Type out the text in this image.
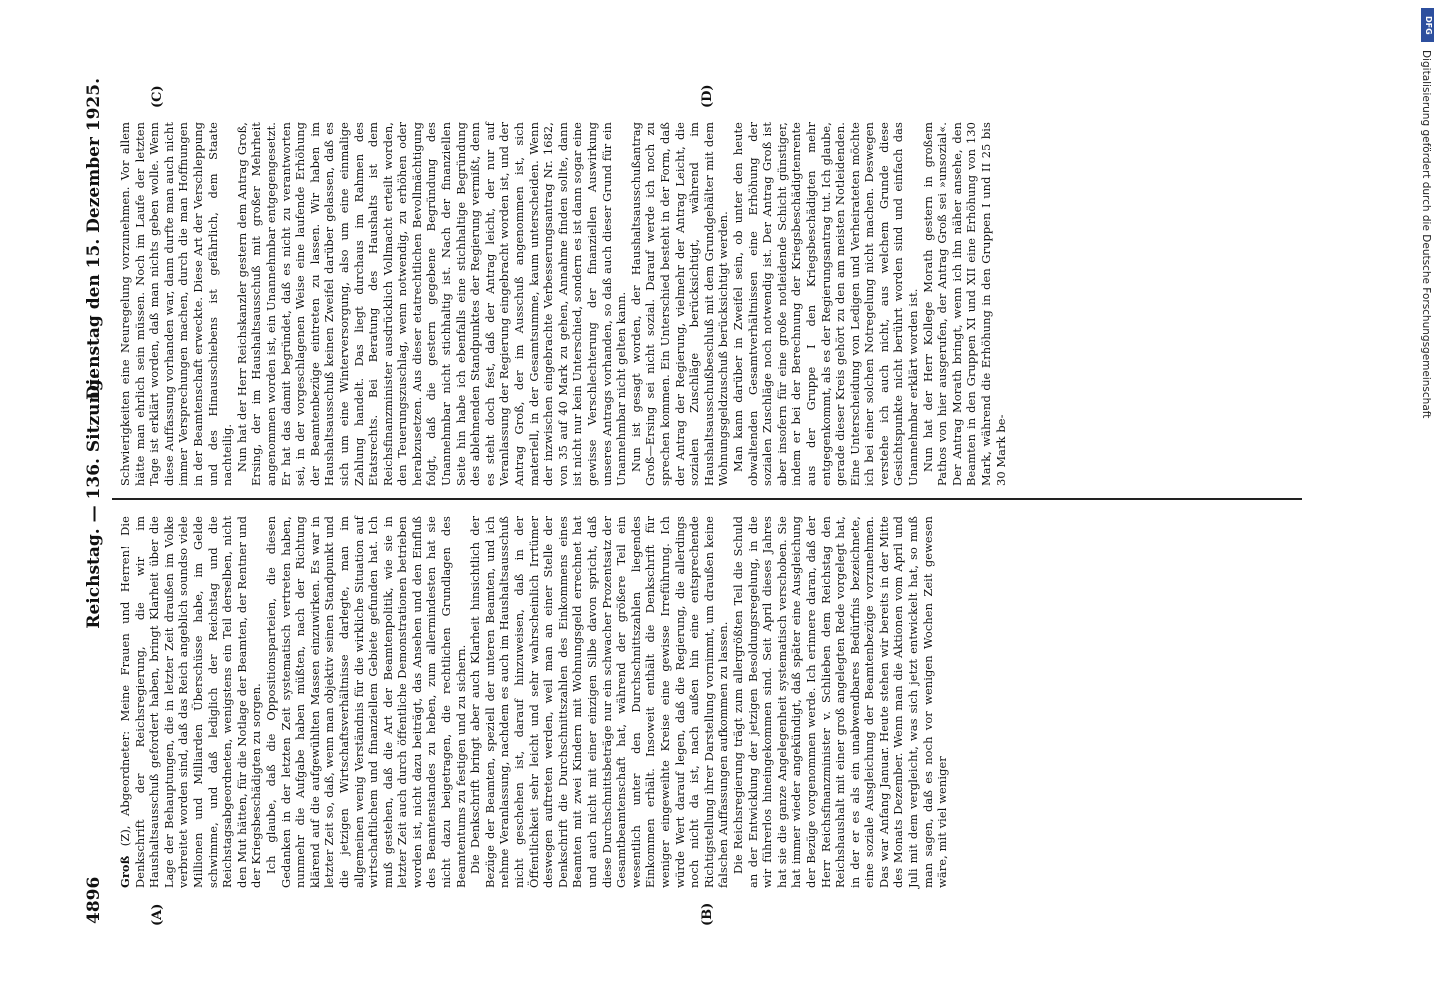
4896
Reichstag. — 136. Sitzung.
Dienstag den 15. Dezember 1925.
(A)	(B)
(C)	(D)

Groß (Z), Abgeordneter: Meine Frauen und Herren! Die Denkschrift der Reichsregierung, die wir im Haushaltsausschuß gefordert haben, bringt Klarheit über die Lage der Behauptungen, die in letzter Zeit draußen im Volke verbreitet worden sind, daß das Reich angeblich soundso viele Millionen und Milliarden Überschüsse habe, im Gelde schwimme, und daß lediglich der Reichstag und die Reichstagsabgeordneten, wenigstens ein Teil derselben, nicht den Mut hätten, für die Notlage der Beamten, der Rentner und der Kriegsbeschädigten zu sorgen. Ich glaube, daß die Oppositionsparteien, die diesen Gedanken in der letzten Zeit systematisch vertreten haben, nunmehr die Aufgabe haben müßten, nach der Richtung klärend auf die aufgewühlten Massen einzuwirken. Es war in letzter Zeit so, daß, wenn man objektiv seinen Standpunkt und die jetzigen Wirtschaftsverhältnisse darlegte, man im allgemeinen wenig Verständnis für die wirkliche Situation auf wirtschaftlichem und finanziellem Gebiete gefunden hat. Ich muß gestehen, daß die Art der Beamtenpolitik, wie sie in letzter Zeit auch durch öffentliche Demonstrationen betrieben worden ist, nicht dazu beiträgt, das Ansehen und den Einfluß des Beamtenstandes zu heben, zum allermindesten hat sie nicht dazu beigetragen, die rechtlichen Grundlagen des Beamtentums zu festigen und zu sichern. Die Denkschrift bringt aber auch Klarheit hinsichtlich der Bezüge der Beamten, speziell der unteren Beamten, und ich nehme Veranlassung, nachdem es auch im Haushaltsausschuß nicht geschehen ist, darauf hinzuweisen, daß in der Öffentlichkeit sehr leicht und sehr wahrscheinlich Irrtümer deswegen auftreten werden, weil man an einer Stelle der Denkschrift die Durchschnittszahlen des Einkommens eines Beamten mit zwei Kindern mit Wohnungsgeld errechnet hat und auch nicht mit einer einzigen Silbe davon spricht, daß diese Durchschnittsbeträge nur ein schwacher Prozentsatz der Gesamtbeamtenschaft hat, während der größere Teil ein wesentlich unter den Durchschnittszahlen liegendes Einkommen erhält. Insoweit enthält die Denkschrift für weniger eingeweihte Kreise eine gewisse Irreführung. Ich würde Wert darauf legen, daß die Regierung, die allerdings noch nicht da ist, nach außen hin eine entsprechende Richtigstellung ihrer Darstellung vornimmt, um draußen keine falschen Auffassungen aufkommen zu lassen. Die Reichsregierung trägt zum allergrößten Teil die Schuld an der Entwicklung der jetzigen Besoldungsregelung, in die wir führerlos hineingekommen sind. Seit April dieses Jahres hat sie die ganze Angelegenheit systematisch verschoben. Sie hat immer wieder angekündigt, daß später eine Ausgleichung der Bezüge vorgenommen werde. Ich erinnere daran, daß der Herr Reichsfinanzminister v. Schlieben dem Reichstag den Reichshaushalt mit einer groß angelegten Rede vorgelegt hat, in der er es als ein unabwendbares Bedürfnis bezeichnete, eine soziale Ausgleichung der Beamtenbezüge vorzunehmen. Das war Anfang Januar. Heute stehen wir bereits in der Mitte des Monats Dezember. Wenn man die Aktionen vom April und Juli mit dem vergleicht, was sich jetzt entwickelt hat, so muß man sagen, daß es noch vor wenigen Wochen Zeit gewesen wäre, mit viel weniger

Schwierigkeiten eine Neuregelung vorzunehmen. Vor allem hätte man ehrlich sein müssen. Noch im Laufe der letzten Tage ist erklärt worden, daß man nichts geben wolle. Wenn diese Auffassung vorhanden war, dann durfte man auch nicht immer Versprechungen machen, durch die man Hoffnungen in der Beamtenschaft erweckte. Diese Art der Verschleppung und des Hinausschiebens ist gefährlich, dem Staate nachteilig. Nun hat der Herr Reichskanzler gestern dem Antrag Groß, Ersing, der im Haushaltsausschuß mit großer Mehrheit angenommen worden ist, ein Unannehmbar entgegengesetzt. Er hat das damit begründet, daß es nicht zu verantworten sei, in der vorgeschlagenen Weise eine laufende Erhöhung der Beamtenbezüge eintreten zu lassen. Wir haben im Haushaltsausschuß keinen Zweifel darüber gelassen, daß es sich um eine Winterversorgung, also um eine einmalige Zahlung handelt. Das liegt durchaus im Rahmen des Etatsrechts. Bei Beratung des Haushalts ist dem Reichsfinanzminister ausdrücklich Vollmacht erteilt worden, den Teuerungszuschlag, wenn notwendig, zu erhöhen oder herabzusetzen. Aus dieser etatrechtlichen Bevollmächtigung folgt, daß die gestern gegebene Begründung des Unannehmbar nicht stichhaltig ist. Nach der finanziellen Seite hin habe ich ebenfalls eine stichhaltige Begründung des ablehnenden Standpunktes der Regierung vermißt, denn es steht doch fest, daß der Antrag leicht, der nur auf Veranlassung der Regierung eingebracht worden ist, und der Antrag Groß, der im Ausschuß angenommen ist, sich materiell, in der Gesamtsumme, kaum unterscheiden. Wenn der inzwischen eingebrachte Verbesserungsantrag Nr. 1682, von 35 auf 40 Mark zu gehen, Annahme finden sollte, dann ist nicht nur kein Unterschied, sondern es ist dann sogar eine gewisse Verschlechterung der finanziellen Auswirkung unseres Antrags vorhanden, so daß auch dieser Grund für ein Unannehmbar nicht gelten kann. Nun ist gesagt worden, der Haushaltsausschußantrag Groß—Ersing sei nicht sozial. Darauf werde ich noch zu sprechen kommen. Ein Unterschied besteht in der Form, daß der Antrag der Regierung, vielmehr der Antrag Leicht, die sozialen Zuschläge berücksichtigt, während im Haushaltsausschußbeschluß mit dem Grundgehälter mit dem Wohnungsgeldzuschuß berücksichtigt werden. Man kann darüber in Zweifel sein, ob unter den heute obwaltenden Gesamtverhältnissen eine Erhöhung der sozialen Zuschläge noch notwendig ist. Der Antrag Groß ist aber insofern für eine große notleidende Schicht günstiger, indem er bei der Berechnung der Kriegsbeschädigtenrente aus der Gruppe I den Kriegsbeschädigten mehr entgegenkommt, als es der Regierungsantrag tut. Ich glaube, gerade dieser Kreis gehört zu den am meisten Notleidenden. Eine Unterscheidung von Ledigen und Verheirateten möchte ich bei einer solchen Notregelung nicht machen. Deswegen verstehe ich auch nicht, aus welchem Grunde diese Gesichtspunkte nicht berührt worden sind und einfach das Unannehmbar erklärt worden ist. Nun hat der Herr Kollege Morath gestern in großem Pathos von hier ausgerufen, der Antrag Groß sei »unsozial«. Der Antrag Morath bringt, wenn ich ihn näher ansehe, den Beamten in den Gruppen XI und XII eine Erhöhung von 130 Mark, während die Erhöhung in den Gruppen I und II 25 bis 30 Mark be-

DFG
Digitalisierung gefördert durch die Deutsche Forschungsgemeinschaft
